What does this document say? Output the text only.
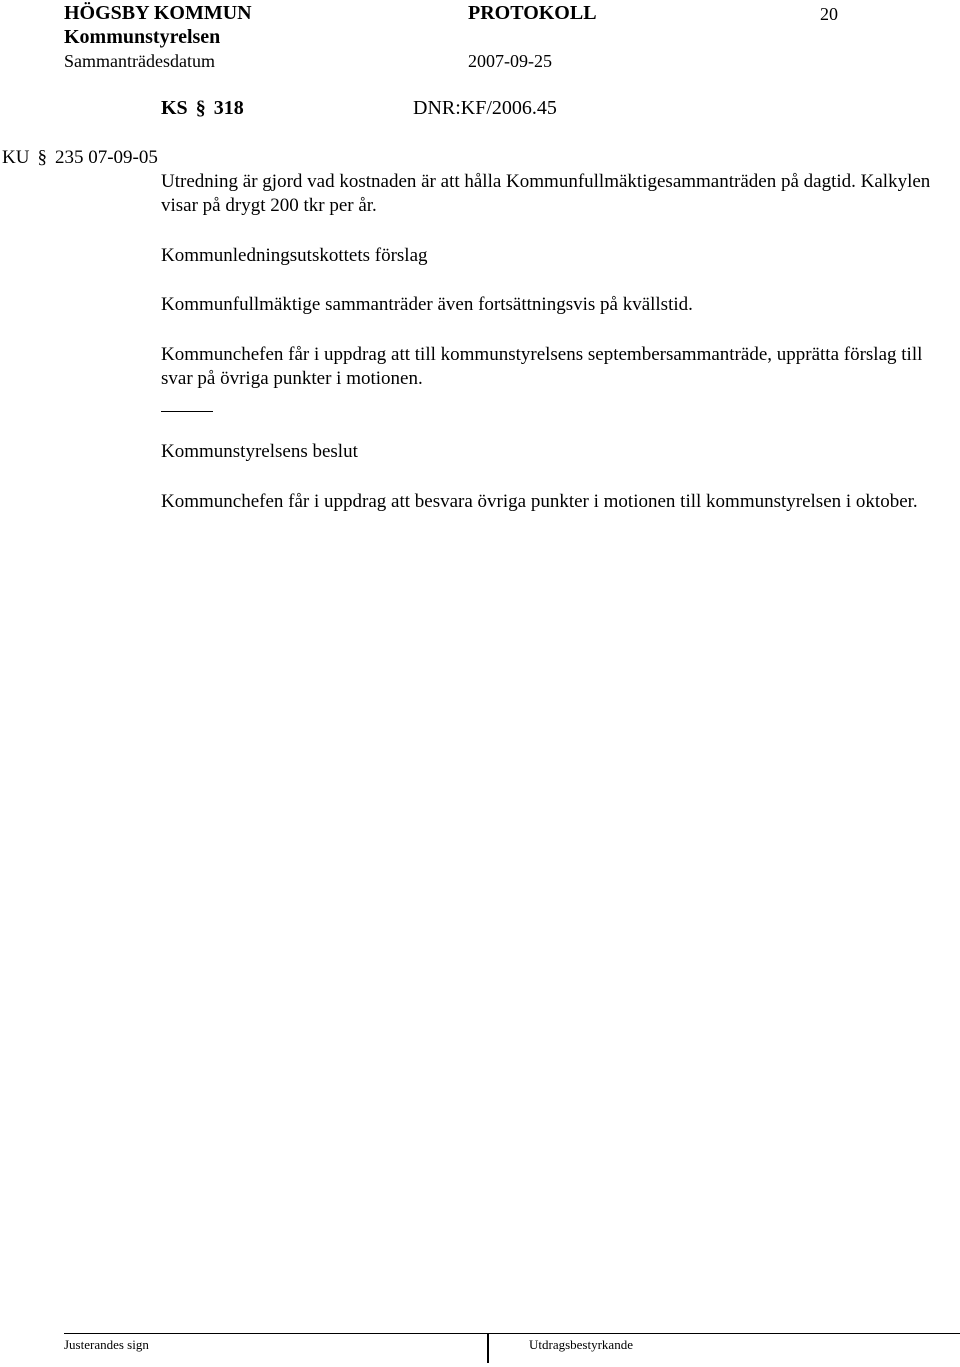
HÖGSBY KOMMUN	PROTOKOLL	20
Kommunstyrelsen
Sammanträdesdatum	2007-09-25
KS § 318	DNR:KF/2006.45
KU § 235 07-09-05
Utredning är gjord vad kostnaden är att hålla Kommunfullmäktigesammanträden på dagtid. Kalkylen visar på drygt 200 tkr per år.
Kommunledningsutskottets förslag
Kommunfullmäktige sammanträder även fortsättningsvis på kvällstid.
Kommunchefen får i uppdrag att till kommunstyrelsens septembersammanträde, upprätta förslag till svar på övriga punkter i motionen.
Kommunstyrelsens beslut
Kommunchefen får i uppdrag att besvara övriga punkter i motionen till kommunstyrelsen i oktober.
Justerandes sign	Utdragsbestyrkande
